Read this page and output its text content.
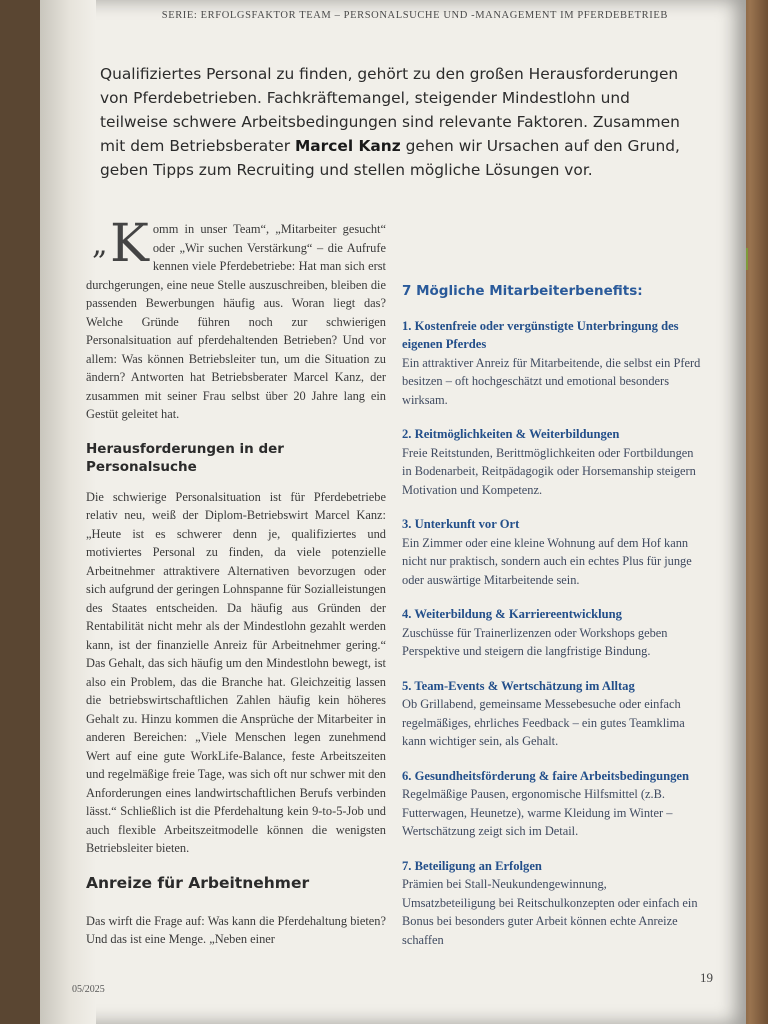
SERIE: ERFOLGSFAKTOR TEAM – PERSONALSUCHE UND -MANAGEMENT IM PFERDEBETRIEB
Qualifiziertes Personal zu finden, gehört zu den großen Herausforderungen von Pferdebetrieben. Fachkräftemangel, steigender Mindestlohn und teilweise schwere Arbeitsbedingungen sind relevante Faktoren. Zusammen mit dem Betriebsberater Marcel Kanz gehen wir Ursachen auf den Grund, geben Tipps zum Recruiting und stellen mögliche Lösungen vor.
„ K omm in unser Team“, „Mitarbeiter gesucht“ oder „Wir suchen Verstärkung“ – die Aufrufe kennen viele Pferdebetriebe: Hat man sich erst durchgerungen, eine neue Stelle auszuschreiben, bleiben die passenden Bewerbungen häufig aus. Woran liegt das? Welche Gründe führen noch zur schwierigen Personalsituation auf pferdehaltenden Betrieben? Und vor allem: Was können Betriebsleiter tun, um die Situation zu ändern? Antworten hat Betriebsberater Marcel Kanz, der zusammen mit seiner Frau selbst über 20 Jahre lang ein Gestüt geleitet hat.

Herausforderungen in der Personalsuche

Die schwierige Personalsituation ist für Pferdebetriebe relativ neu, weiß der Diplom-Betriebswirt Marcel Kanz: „Heute ist es schwerer denn je, qualifiziertes und motiviertes Personal zu finden, da viele potenzielle Arbeitnehmer attraktivere Alternativen bevorzugen oder sich aufgrund der geringen Lohnspanne für Sozialleistungen des Staates entscheiden. Da häufig aus Gründen der Rentabilität nicht mehr als der Mindestlohn gezahlt werden kann, ist der finanzielle Anreiz für Arbeitnehmer gering.“ Das Gehalt, das sich häufig um den Mindestlohn bewegt, ist also ein Problem, das die Branche hat. Gleichzeitig lassen die betriebswirtschaftlichen Zahlen häufig kein höheres Gehalt zu. Hinzu kommen die Ansprüche der Mitarbeiter in anderen Bereichen: „Viele Menschen legen zunehmend Wert auf eine gute WorkLife-Balance, feste Arbeitszeiten und regelmäßige freie Tage, was sich oft nur schwer mit den Anforderungen eines landwirtschaftlichen Berufs verbinden lässt.“ Schließlich ist die Pferdehaltung kein 9-to-5-Job und auch flexible Arbeitszeitmodelle können die wenigsten Betriebsleiter bieten.

Anreize für Arbeitnehmer

Das wirft die Frage auf: Was kann die Pferdehaltung bieten? Und das ist eine Menge. „Neben einer

7 Mögliche Mitarbeiterbenefits:
1. Kostenfreie oder vergünstigte Unterbringung des eigenen Pferdes
Ein attraktiver Anreiz für Mitarbeitende, die selbst ein Pferd besitzen – oft hochgeschätzt und emotional besonders wirksam.
2. Reitmöglichkeiten & Weiterbildungen
Freie Reitstunden, Berittmöglichkeiten oder Fortbildungen in Bodenarbeit, Reitpädagogik oder Horsemanship steigern Motivation und Kompetenz.
3. Unterkunft vor Ort
Ein Zimmer oder eine kleine Wohnung auf dem Hof kann nicht nur praktisch, sondern auch ein echtes Plus für junge oder auswärtige Mitarbeitende sein.
4. Weiterbildung & Karriereentwicklung
Zuschüsse für Trainerlizenzen oder Workshops geben Perspektive und steigern die langfristige Bindung.
5. Team-Events & Wertschätzung im Alltag
Ob Grillabend, gemeinsame Messebesuche oder einfach regelmäßiges, ehrliches Feedback – ein gutes Teamklima kann wichtiger sein, als Gehalt.
6. Gesundheitsförderung & faire Arbeitsbedingungen
Regelmäßige Pausen, ergonomische Hilfsmittel (z.B. Futterwagen, Heunetze), warme Kleidung im Winter – Wertschätzung zeigt sich im Detail.
7. Beteiligung an Erfolgen
Prämien bei Stall-Neukundengewinnung, Umsatzbeteiligung bei Reitschulkonzepten oder einfach ein Bonus bei besonders guter Arbeit können echte Anreize schaffen
05/2025
19
